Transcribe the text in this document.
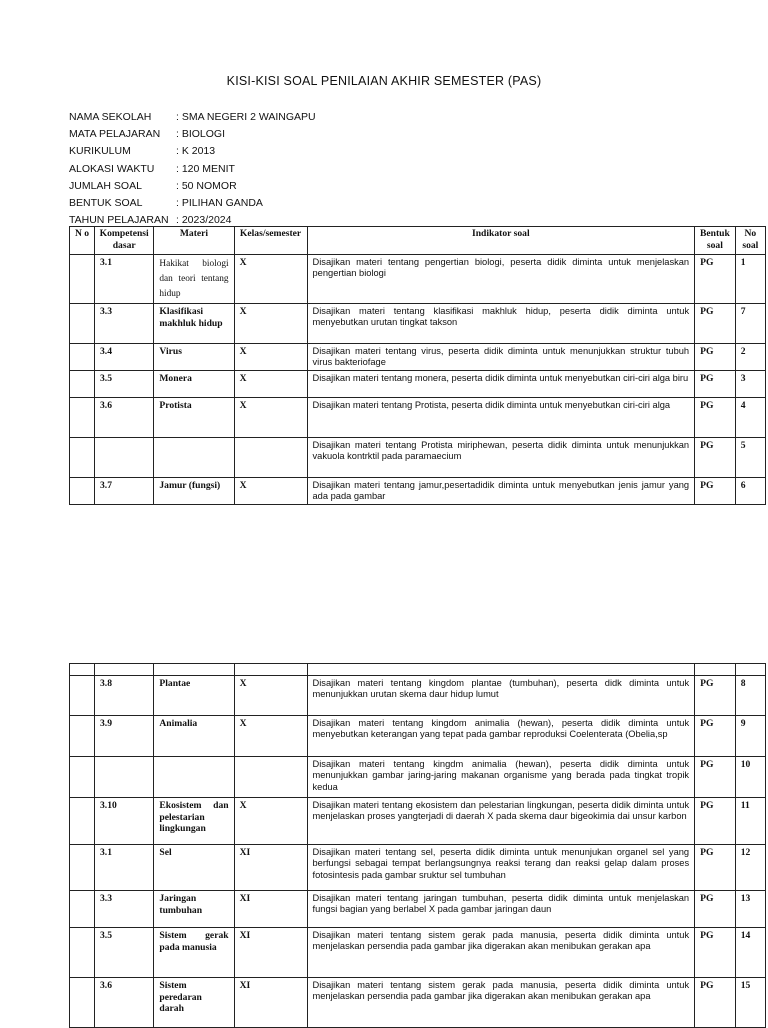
KISI-KISI SOAL PENILAIAN AKHIR SEMESTER (PAS)
NAMA SEKOLAH	: SMA NEGERI 2 WAINGAPU
MATA PELAJARAN	: BIOLOGI
KURIKULUM	: K 2013
ALOKASI WAKTU	: 120 MENIT
JUMLAH SOAL	: 50 NOMOR
BENTUK SOAL	: PILIHAN GANDA
TAHUN PELAJARAN : 2023/2024
N o	Kompetensi dasar	Materi	Kelas/semester	Indikator soal	Bentuk soal	No soal
	3.1	Hakikat biologi dan teori tentang hidup	X	Disajikan materi tentang pengertian biologi, peserta didik diminta untuk menjelaskan pengertian biologi	PG	1
	3.3	Klasifikasi makhluk hidup	X	Disajikan materi tentang klasifikasi makhluk hidup, peserta didik diminta untuk menyebutkan urutan tingkat takson	PG	7
	3.4	Virus	X	Disajikan materi tentang virus, peserta didik diminta untuk menunjukkan struktur tubuh virus bakteriofage	PG	2
	3.5	Monera	X	Disajikan materi tentang monera, peserta didik diminta untuk menyebutkan ciri-ciri alga biru	PG	3
	3.6	Protista	X	Disajikan materi tentang Protista, peserta didik diminta untuk menyebutkan ciri-ciri alga	PG	4
				Disajikan materi tentang Protista miriphewan, peserta didik diminta untuk menunjukkan vakuola kontrktil pada paramaecium	PG	5
	3.7	Jamur (fungsi)	X	Disajikan materi tentang jamur,pesertadidik diminta untuk menyebutkan jenis jamur yang ada pada gambar	PG	6

	3.8	Plantae	X	Disajikan materi tentang kingdom plantae (tumbuhan), peserta didk diminta untuk menunjukkan urutan skema daur hidup lumut	PG	8
	3.9	Animalia	X	Disajikan materi tentang kingdom animalia (hewan), peserta didik diminta untuk menyebutkan keterangan yang tepat pada gambar reproduksi Coelenterata (Obelia,sp	PG	9
				Disajikan materi tentang kingdm animalia (hewan), peserta didik diminta untuk menunjukkan gambar jaring-jaring makanan organisme yang berada pada tingkat tropik kedua	PG	10
	3.10	Ekosistem dan pelestarian lingkungan	X	Disajikan materi tentang ekosistem dan pelestarian lingkungan, peserta didik diminta untuk menjelaskan proses yangterjadi di daerah X pada skema daur bigeokimia dai unsur karbon	PG	11
	3.1	Sel	XI	Disajikan materi tentang sel, peserta didik diminta untuk menunjukan organel sel yang berfungsi sebagai tempat berlangsungnya reaksi terang dan reaksi gelap dalam proses fotosintesis pada gambar sruktur sel tumbuhan	PG	12
	3.3	Jaringan tumbuhan	XI	Disajikan materi tentang jaringan tumbuhan, peserta didik diminta untuk menjelaskan fungsi bagian yang berlabel X pada gambar jaringan daun	PG	13
	3.5	Sistem gerak pada manusia	XI	Disajikan materi tentang sistem gerak pada manusia, peserta didik diminta untuk menjelaskan persendia pada gambar jika digerakan akan menibukan gerakan apa	PG	14
	3.6	Sistem peredaran darah	XI	Disajikan materi tentang sistem gerak pada manusia, peserta didik diminta untuk menjelaskan persendia pada gambar jika digerakan akan menibukan gerakan apa	PG	15
